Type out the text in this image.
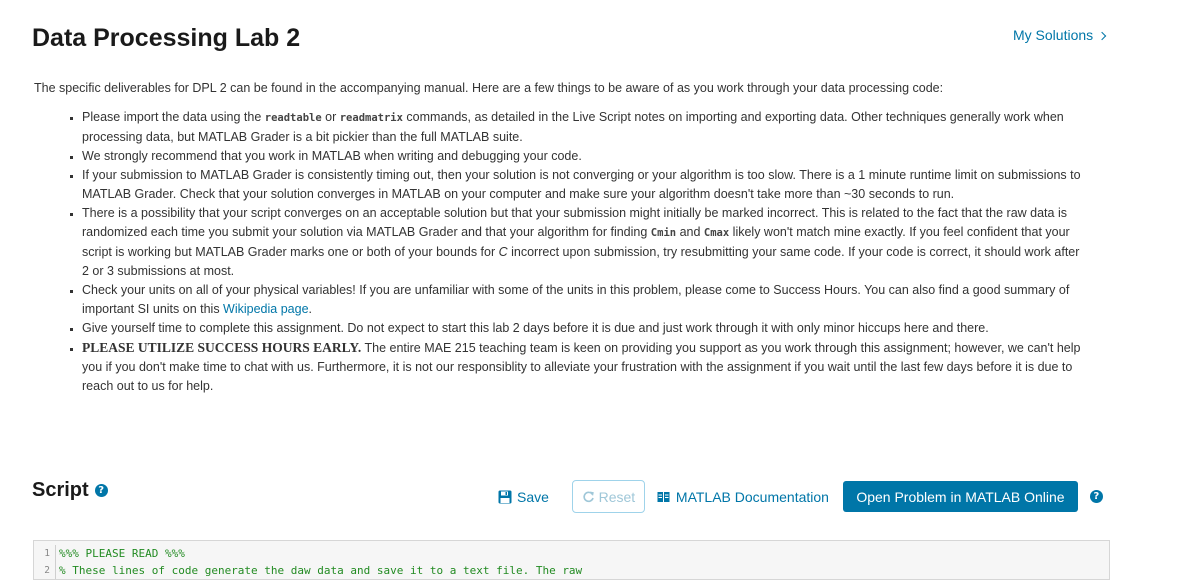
Data Processing Lab 2	My Solutions

The specific deliverables for DPL 2 can be found in the accompanying manual. Here are a few things to be aware of as you work through your data processing code:

▪ Please import the data using the readtable or readmatrix commands, as detailed in the Live Script notes on importing and exporting data. Other techniques generally work when processing data, but MATLAB Grader is a bit pickier than the full MATLAB suite.
▪ We strongly recommend that you work in MATLAB when writing and debugging your code.
▪ If your submission to MATLAB Grader is consistently timing out, then your solution is not converging or your algorithm is too slow. There is a 1 minute runtime limit on submissions to MATLAB Grader. Check that your solution converges in MATLAB on your computer and make sure your algorithm doesn't take more than ~30 seconds to run.
▪ There is a possibility that your script converges on an acceptable solution but that your submission might initially be marked incorrect. This is related to the fact that the raw data is randomized each time you submit your solution via MATLAB Grader and that your algorithm for finding Cmin and Cmax likely won't match mine exactly. If you feel confident that your script is working but MATLAB Grader marks one or both of your bounds for C incorrect upon submission, try resubmitting your same code. If your code is correct, it should work after 2 or 3 submissions at most.
▪ Check your units on all of your physical variables! If you are unfamiliar with some of the units in this problem, please come to Success Hours. You can also find a good summary of important SI units on this Wikipedia page.
▪ Give yourself time to complete this assignment. Do not expect to start this lab 2 days before it is due and just work through it with only minor hiccups here and there.
▪ PLEASE UTILIZE SUCCESS HOURS EARLY. The entire MAE 215 teaching team is keen on providing you support as you work through this assignment; however, we can't help you if you don't make time to chat with us. Furthermore, it is not our responsiblity to alleviate your frustration with the assignment if you wait until the last few days before it is due to reach out to us for help.
Script ?	Save	Reset	MATLAB Documentation	Open Problem in MATLAB Online	?
1 %%% PLEASE READ %%%
2 % These lines of code generate the daw data and save it to a text file. The raw
